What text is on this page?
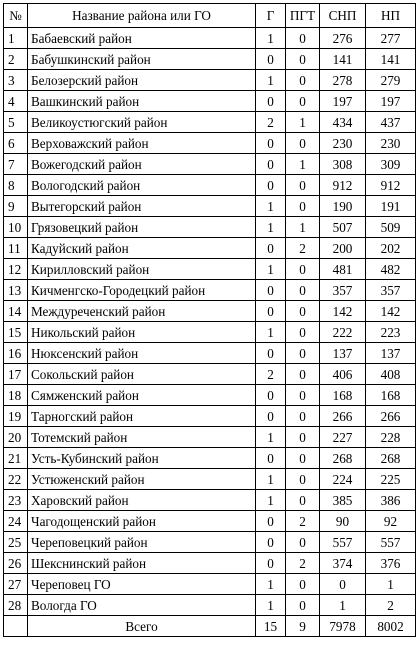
№	Название района или ГО	Г	ПГТ	СНП	НП
1	Бабаевский район	1	0	276	277
2	Бабушкинский район	0	0	141	141
3	Белозерский район	1	0	278	279
4	Вашкинский район	0	0	197	197
5	Великоустюгский район	2	1	434	437
6	Верховажский район	0	0	230	230
7	Вожегодский район	0	1	308	309
8	Вологодский район	0	0	912	912
9	Вытегорский район	1	0	190	191
10	Грязовецкий район	1	1	507	509
11	Кадуйский район	0	2	200	202
12	Кирилловский район	1	0	481	482
13	Кичменгско-Городецкий район	0	0	357	357
14	Междуреченский район	0	0	142	142
15	Никольский район	1	0	222	223
16	Нюксенский район	0	0	137	137
17	Сокольский район	2	0	406	408
18	Сямженский район	0	0	168	168
19	Тарногский район	0	0	266	266
20	Тотемский район	1	0	227	228
21	Усть-Кубинский район	0	0	268	268
22	Устюженский район	1	0	224	225
23	Харовский район	1	0	385	386
24	Чагодощенский район	0	2	90	92
25	Череповецкий район	0	0	557	557
26	Шекснинский район	0	2	374	376
27	Череповец ГО	1	0	0	1
28	Вологда ГО	1	0	1	2
	Всего	15	9	7978	8002
